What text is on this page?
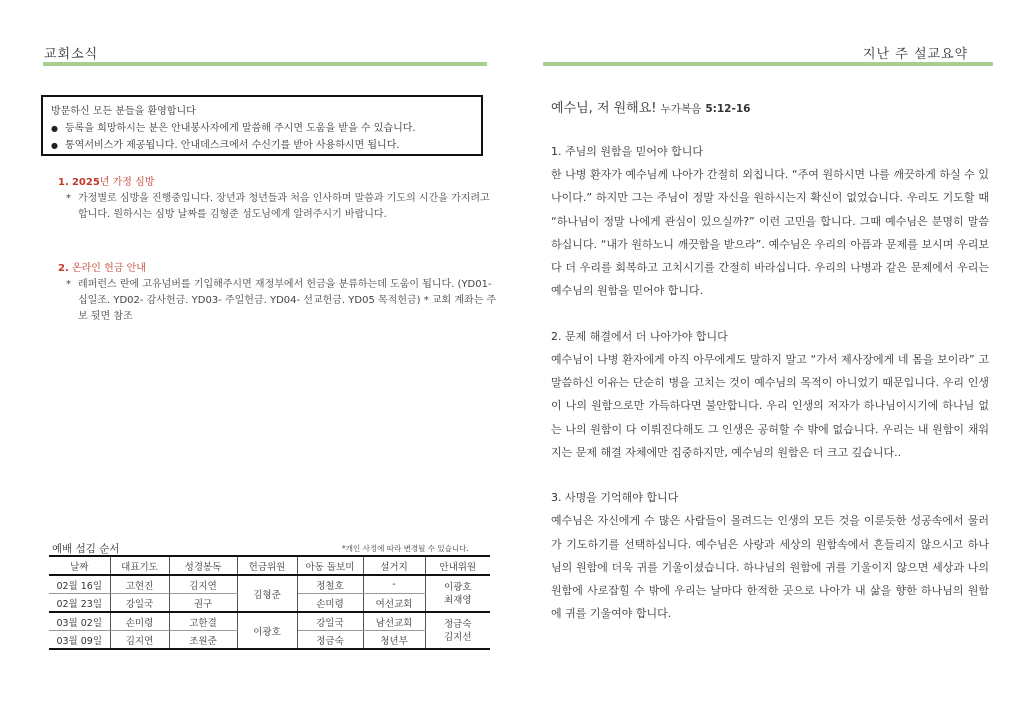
교회소식
방문하신 모든 분들을 환영합니다
● 등록을 희망하시는 분은 안내봉사자에게 말씀해 주시면 도움을 받을 수 있습니다.
● 통역서비스가 제공됩니다. 안내데스크에서 수신기를 받아 사용하시면 됩니다.
1. 2025년 가정 심방
* 가정별로 심방을 진행중입니다. 장년과 청년들과 처음 인사하며 말씀과 기도의 시간을 가지려고 합니다. 원하시는 심방 날짜를 김형준 성도님에게 알려주시기 바랍니다.
2. 온라인 헌금 안내
* 레퍼런스 란에 고유넘버를 기입해주시면 재정부에서 헌금을 분류하는데 도움이 됩니다. (YD01- 십일조. YD02- 감사헌금. YD03- 주일헌금. YD04- 선교헌금. YD05 목적헌금) * 교회 계좌는 주보 뒷면 참조
예배 섬김 순서	*개인 사정에 따라 변경될 수 있습니다.
날짜	대표기도	성경봉독	헌금위원	아동 돌보미	설거지	안내위원
02월 16일	고현진	김지연	김형준	정철호	-	이광호
최재영
02월 23일	강일국	권구		손미령	여선교회	
03월 02일	손미령	고한결	이광호	강일국	남선교회	정금숙
김지선
03월 09일	김지연	조원준		정금숙	청년부	
지난 주 설교요약
예수님, 저 원해요! 누가복음 5:12-16
1. 주님의 원함을 믿어야 합니다

한 나병 환자가 예수님께 나아가 간절히 외칩니다. “주여 원하시면 나를 깨끗하게 하실 수 있나이다.” 하지만 그는 주님이 정말 자신을 원하시는지 확신이 없었습니다. 우리도 기도할 때 “하나님이 정말 나에게 관심이 있으실까?” 이런 고민을 합니다. 그때 예수님은 분명히 말씀하십니다. “내가 원하노니 깨끗함을 받으라”. 예수님은 우리의 아픔과 문제를 보시며 우리보다 더 우리를 회복하고 고치시기를 간절히 바라십니다. 우리의 나병과 같은 문제에서 우리는 예수님의 원함을 믿어야 합니다.

2. 문제 해결에서 더 나아가야 합니다

예수님이 나병 환자에게 아직 아무에게도 말하지 말고 “가서 제사장에게 네 몸을 보이라” 고 말씀하신 이유는 단순히 병을 고치는 것이 예수님의 목적이 아니었기 때문입니다. 우리 인생이 나의 원함으로만 가득하다면 불안합니다. 우리 인생의 저자가 하나님이시기에 하나님 없는 나의 원함이 다 이뤄진다해도 그 인생은 공허할 수 밖에 없습니다. 우리는 내 원함이 채워지는 문제 해결 자체에만 집중하지만, 예수님의 원함은 더 크고 깊습니다..

3. 사명을 기억해야 합니다

예수님은 자신에게 수 많은 사람들이 몰려드는 인생의 모든 것을 이룬듯한 성공속에서 물러가 기도하기를 선택하십니다. 예수님은 사랑과 세상의 원함속에서 흔들리지 않으시고 하나님의 원함에 더욱 귀를 기울이셨습니다. 하나님의 원함에 귀를 기울이지 않으면 세상과 나의 원함에 사로잡힐 수 밖에 우리는 날마다 한적한 곳으로 나아가 내 삶을 향한 하나님의 원함에 귀를 기울여야 합니다.
